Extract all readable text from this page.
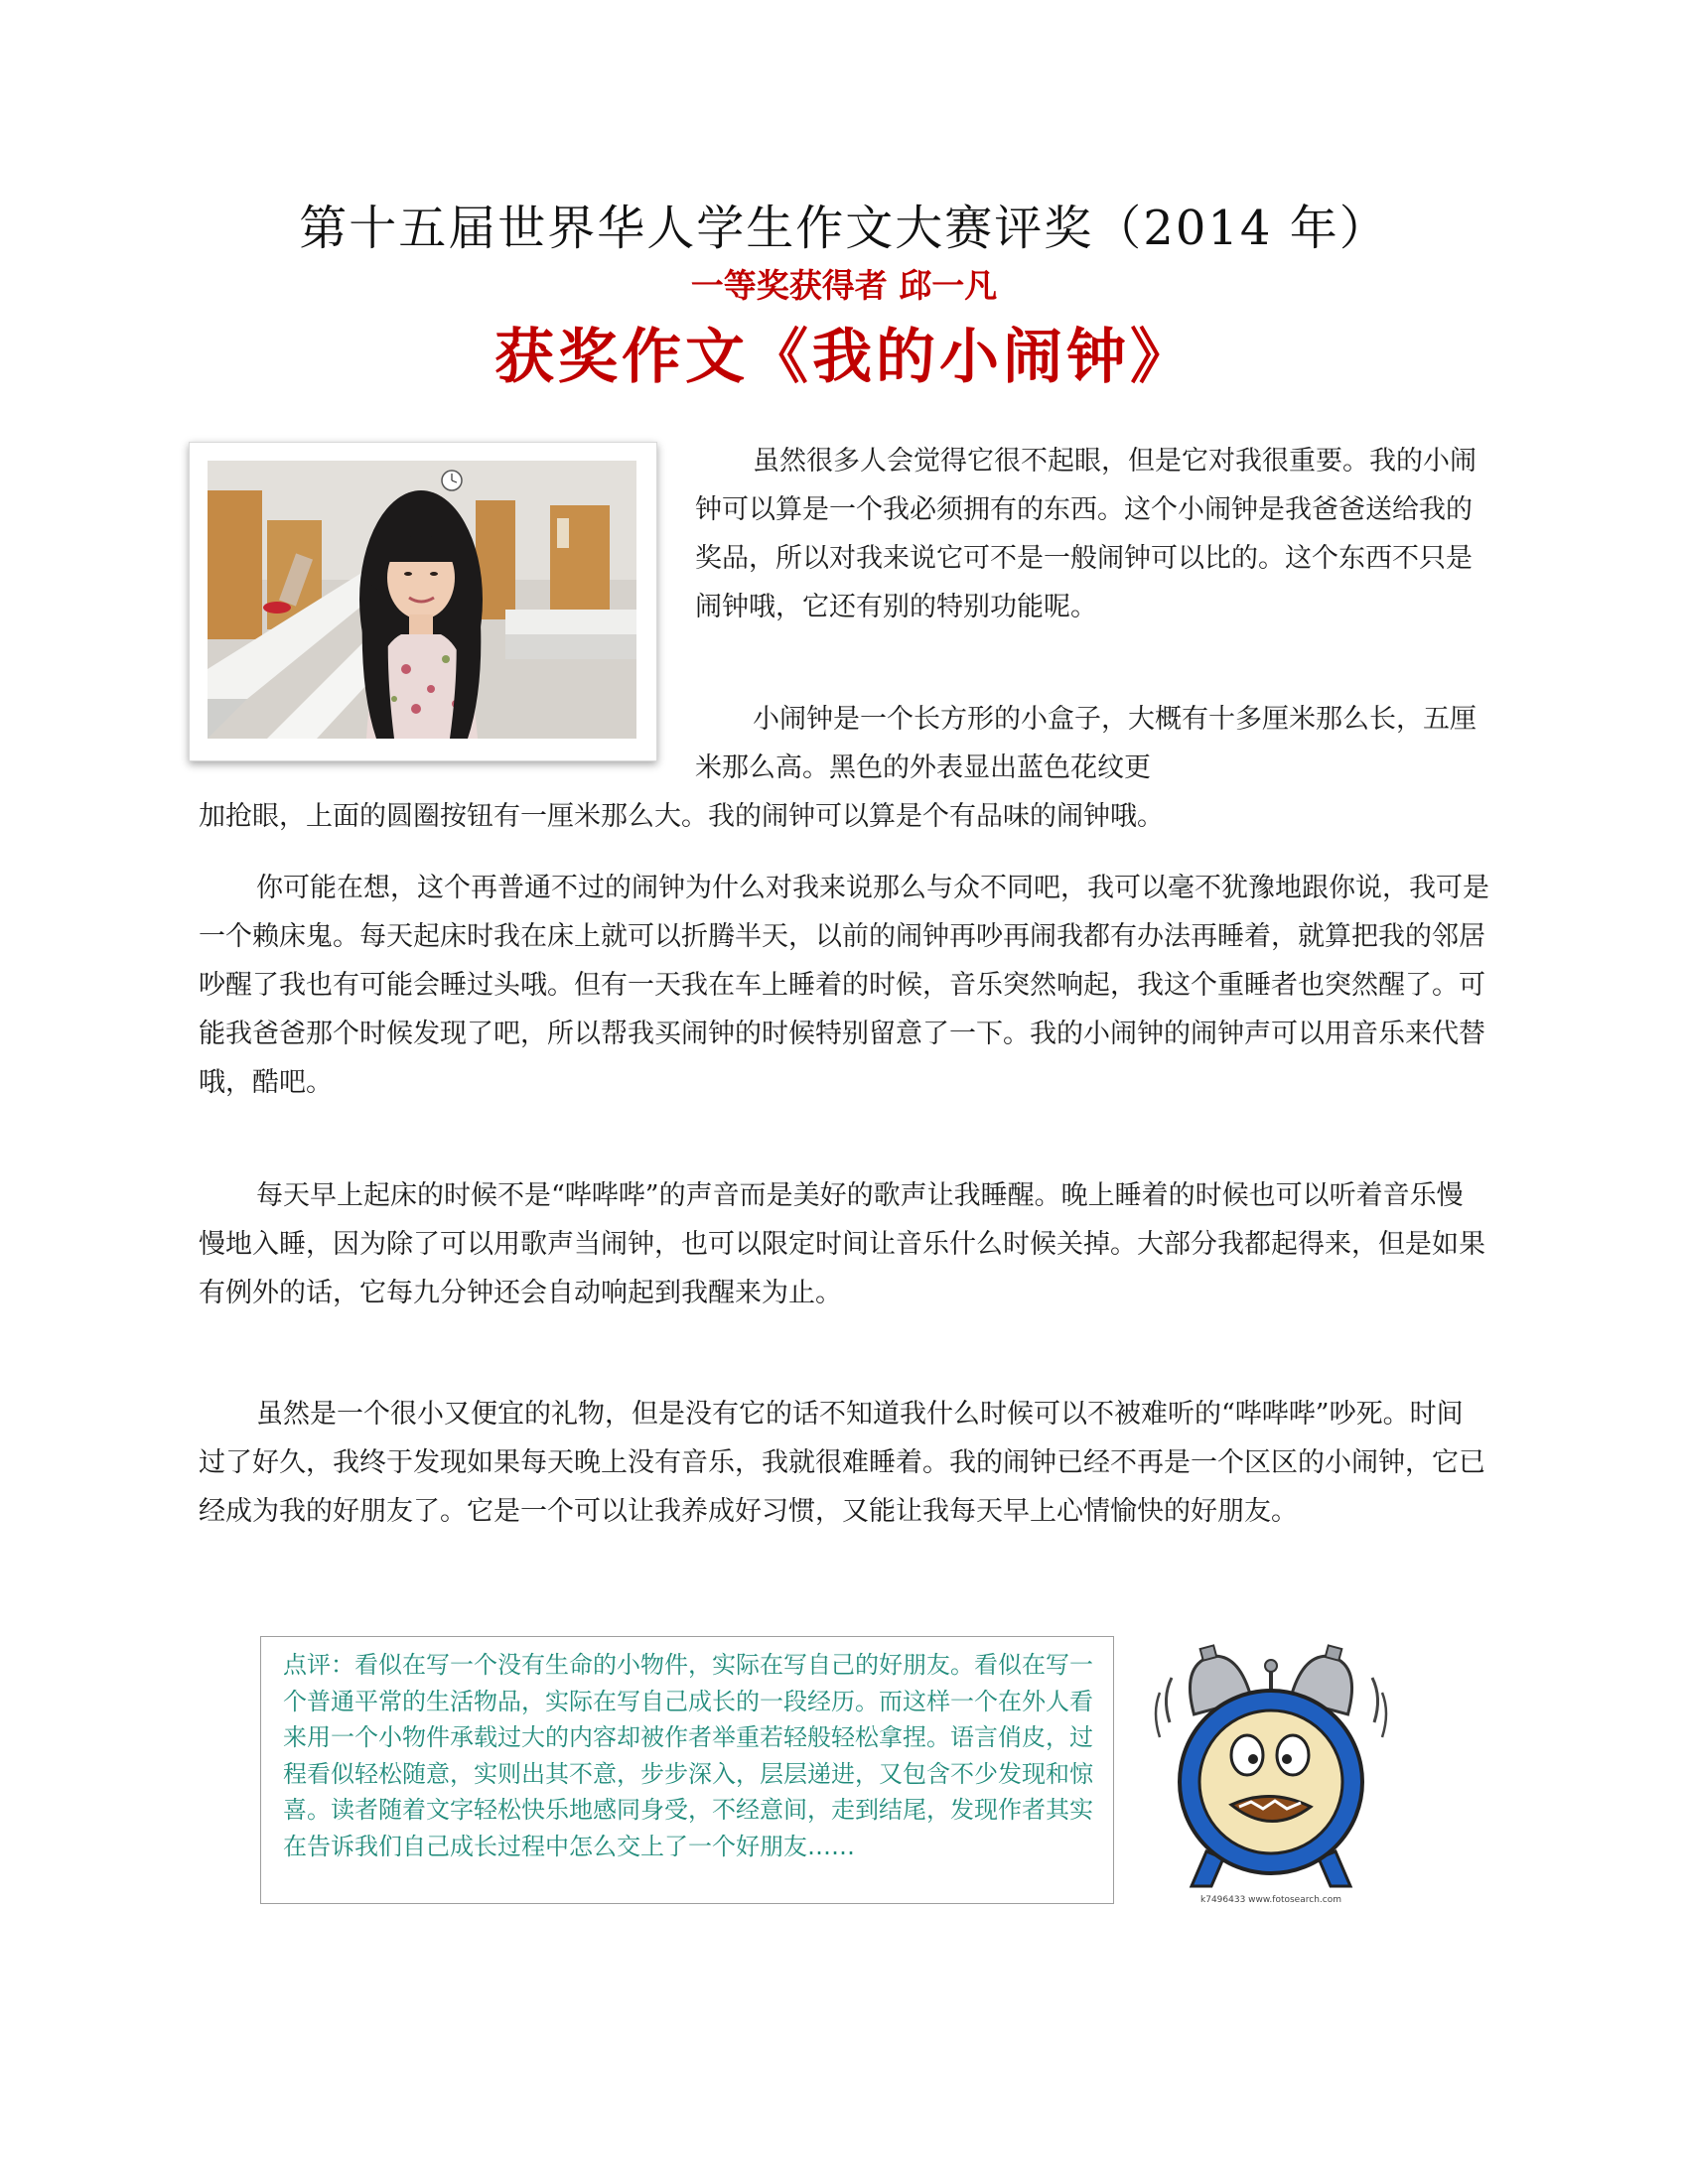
第十五届世界华人学生作文大赛评奖（2014 年）
一等奖获得者 邱一凡
获奖作文《我的小闹钟》

虽然很多人会觉得它很不起眼，但是它对我很重要。我的小闹钟可以算是一个我必须拥有的东西。这个小闹钟是我爸爸送给我的奖品，所以对我来说它可不是一般闹钟可以比的。这个东西不只是闹钟哦，它还有别的特别功能呢。

小闹钟是一个长方形的小盒子，大概有十多厘米那么长，五厘米那么高。黑色的外表显出蓝色花纹更

加抢眼，上面的圆圈按钮有一厘米那么大。我的闹钟可以算是个有品味的闹钟哦。

你可能在想，这个再普通不过的闹钟为什么对我来说那么与众不同吧，我可以毫不犹豫地跟你说，我可是一个赖床鬼。每天起床时我在床上就可以折腾半天，以前的闹钟再吵再闹我都有办法再睡着，就算把我的邻居吵醒了我也有可能会睡过头哦。但有一天我在车上睡着的时候，音乐突然响起，我这个重睡者也突然醒了。可能我爸爸那个时候发现了吧，所以帮我买闹钟的时候特别留意了一下。我的小闹钟的闹钟声可以用音乐来代替哦，酷吧。

每天早上起床的时候不是“哔哔哔”的声音而是美好的歌声让我睡醒。晚上睡着的时候也可以听着音乐慢慢地入睡，因为除了可以用歌声当闹钟，也可以限定时间让音乐什么时候关掉。大部分我都起得来，但是如果有例外的话，它每九分钟还会自动响起到我醒来为止。

虽然是一个很小又便宜的礼物，但是没有它的话不知道我什么时候可以不被难听的“哔哔哔”吵死。时间过了好久，我终于发现如果每天晚上没有音乐，我就很难睡着。我的闹钟已经不再是一个区区的小闹钟，它已经成为我的好朋友了。它是一个可以让我养成好习惯，又能让我每天早上心情愉快的好朋友。

点评：看似在写一个没有生命的小物件，实际在写自己的好朋友。看似在写一个普通平常的生活物品，实际在写自己成长的一段经历。而这样一个在外人看来用一个小物件承载过大的内容却被作者举重若轻般轻松拿捏。语言俏皮，过程看似轻松随意，实则出其不意，步步深入，层层递进，又包含不少发现和惊喜。读者随着文字轻松快乐地感同身受，不经意间，走到结尾，发现作者其实在告诉我们自己成长过程中怎么交上了一个好朋友……

k7496433 www.fotosearch.com
